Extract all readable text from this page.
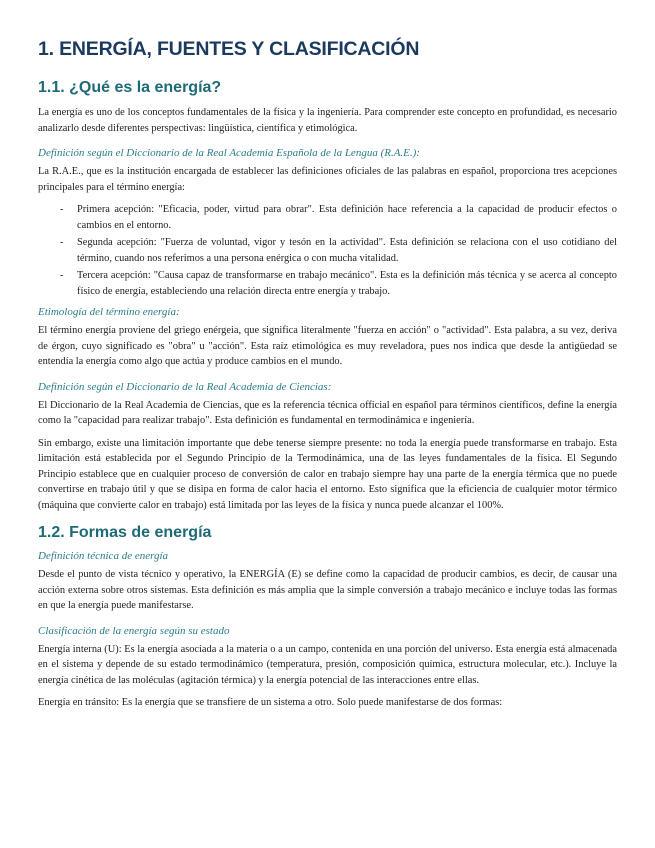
1. ENERGÍA, FUENTES Y CLASIFICACIÓN
1.1. ¿Qué es la energía?

La energía es uno de los conceptos fundamentales de la física y la ingeniería. Para comprender este concepto en profundidad, es necesario analizarlo desde diferentes perspectivas: lingüística, científica y etimológica.

Definición según el Diccionario de la Real Academia Española de la Lengua (R.A.E.):

La R.A.E., que es la institución encargada de establecer las definiciones oficiales de las palabras en español, proporciona tres acepciones principales para el término energía:

- Primera acepción: "Eficacia, poder, virtud para obrar". Esta definición hace referencia a la capacidad de producir efectos o cambios en el entorno.
- Segunda acepción: "Fuerza de voluntad, vigor y tesón en la actividad". Esta definición se relaciona con el uso cotidiano del término, cuando nos referimos a una persona enérgica o con mucha vitalidad.
- Tercera acepción: "Causa capaz de transformarse en trabajo mecánico". Esta es la definición más técnica y se acerca al concepto físico de energía, estableciendo una relación directa entre energía y trabajo.
Etimología del término energía:

El término energía proviene del griego enérgeia, que significa literalmente "fuerza en acción" o "actividad". Esta palabra, a su vez, deriva de érgon, cuyo significado es "obra" u "acción". Esta raíz etimológica es muy reveladora, pues nos indica que desde la antigüedad se entendía la energía como algo que actúa y produce cambios en el mundo.

Definición según el Diccionario de la Real Academia de Ciencias:

El Diccionario de la Real Academia de Ciencias, que es la referencia técnica official en español para términos científicos, define la energía como la "capacidad para realizar trabajo". Esta definición es fundamental en termodinámica e ingeniería.

Sin embargo, existe una limitación importante que debe tenerse siempre presente: no toda la energía puede transformarse en trabajo. Esta limitación está establecida por el Segundo Principio de la Termodinámica, una de las leyes fundamentales de la física. El Segundo Principio establece que en cualquier proceso de conversión de calor en trabajo siempre hay una parte de la energía térmica que no puede convertirse en trabajo útil y que se disipa en forma de calor hacia el entorno. Esto significa que la eficiencia de cualquier motor térmico (máquina que convierte calor en trabajo) está limitada por las leyes de la física y nunca puede alcanzar el 100%.

1.2. Formas de energía
Definición técnica de energía

Desde el punto de vista técnico y operativo, la ENERGÍA (E) se define como la capacidad de producir cambios, es decir, de causar una acción externa sobre otros sistemas. Esta definición es más amplia que la simple conversión a trabajo mecánico e incluye todas las formas en que la energía puede manifestarse.

Clasificación de la energía según su estado

Energía interna (U): Es la energía asociada a la materia o a un campo, contenida en una porción del universo. Esta energía está almacenada en el sistema y depende de su estado termodinámico (temperatura, presión, composición química, estructura molecular, etc.). Incluye la energía cinética de las moléculas (agitación térmica) y la energía potencial de las interacciones entre ellas.

Energía en tránsito: Es la energía que se transfiere de un sistema a otro. Solo puede manifestarse de dos formas:
